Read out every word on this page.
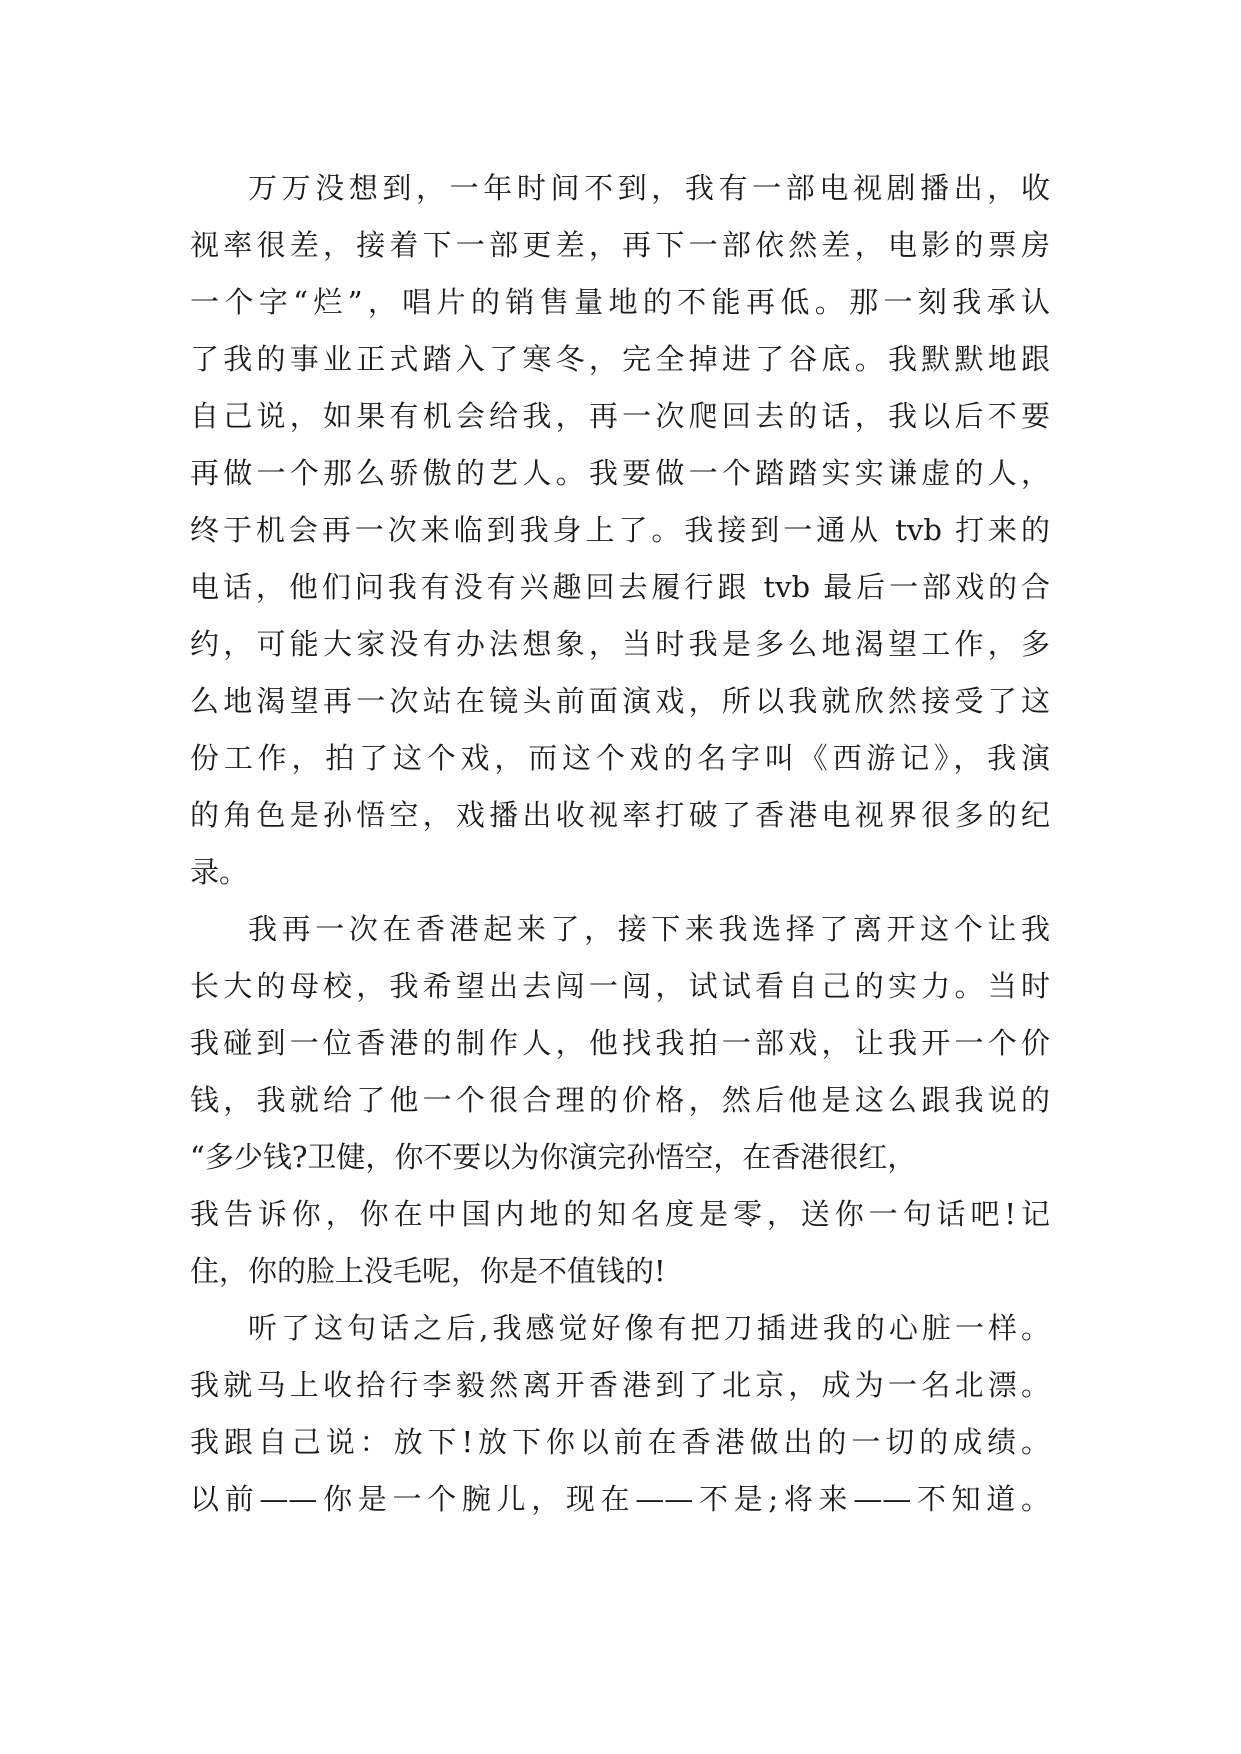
万万没想到，一年时间不到，我有一部电视剧播出，收
视率很差，接着下一部更差，再下一部依然差，电影的票房
一个字“烂”，唱片的销售量地的不能再低。那一刻我承认
了我的事业正式踏入了寒冬，完全掉进了谷底。我默默地跟
自己说，如果有机会给我，再一次爬回去的话，我以后不要
再做一个那么骄傲的艺人。我要做一个踏踏实实谦虚的人，
终于机会再一次来临到我身上了。我接到一通从 tvb 打来的
电话，他们问我有没有兴趣回去履行跟 tvb 最后一部戏的合
约，可能大家没有办法想象，当时我是多么地渴望工作，多
么地渴望再一次站在镜头前面演戏，所以我就欣然接受了这
份工作，拍了这个戏，而这个戏的名字叫《西游记》，我演
的角色是孙悟空，戏播出收视率打破了香港电视界很多的纪
录。
我再一次在香港起来了，接下来我选择了离开这个让我
长大的母校，我希望出去闯一闯，试试看自己的实力。当时
我碰到一位香港的制作人，他找我拍一部戏，让我开一个价
钱，我就给了他一个很合理的价格，然后他是这么跟我说的
“多少钱?卫健，你不要以为你演完孙悟空，在香港很红，
我告诉你，你在中国内地的知名度是零，送你一句话吧!记
住，你的脸上没毛呢，你是不值钱的!
听了这句话之后,我感觉好像有把刀插进我的心脏一样。
我就马上收拾行李毅然离开香港到了北京，成为一名北漂。
我跟自己说：放下!放下你以前在香港做出的一切的成绩。
以前——你是一个腕儿，现在——不是;将来——不知道。
